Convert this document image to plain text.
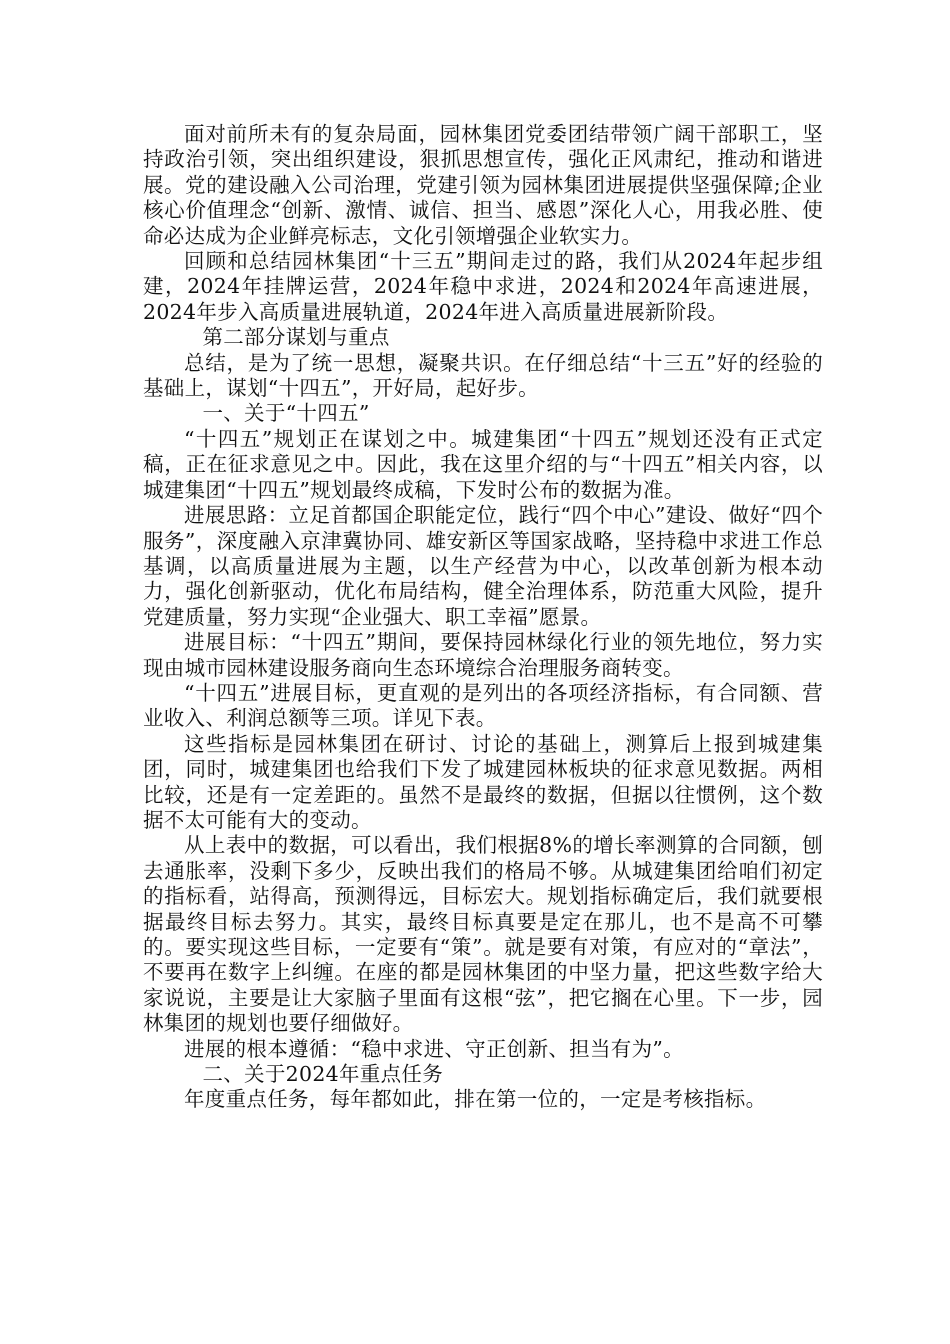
面对前所未有的复杂局面，园林集团党委团结带领广阔干部职工，坚持政治引领，突出组织建设，狠抓思想宣传，强化正风肃纪，推动和谐进展。党的建设融入公司治理，党建引领为园林集团进展提供坚强保障;企业核心价值理念“创新、激情、诚信、担当、感恩”深化人心，用我必胜、使命必达成为企业鲜亮标志，文化引领增强企业软实力。

回顾和总结园林集团“十三五”期间走过的路，我们从2024年起步组建，2024年挂牌运营，2024年稳中求进，2024和2024年高速进展，2024年步入高质量进展轨道，2024年进入高质量进展新阶段。

第二部分谋划与重点

总结，是为了统一思想，凝聚共识。在仔细总结“十三五”好的经验的基础上，谋划“十四五”，开好局，起好步。

一、关于“十四五”

“十四五”规划正在谋划之中。城建集团“十四五”规划还没有正式定稿，正在征求意见之中。因此，我在这里介绍的与“十四五”相关内容，以城建集团“十四五”规划最终成稿，下发时公布的数据为准。

进展思路：立足首都国企职能定位，践行“四个中心”建设、做好“四个服务”，深度融入京津冀协同、雄安新区等国家战略，坚持稳中求进工作总基调，以高质量进展为主题，以生产经营为中心，以改革创新为根本动力，强化创新驱动，优化布局结构，健全治理体系，防范重大风险，提升党建质量，努力实现“企业强大、职工幸福”愿景。

进展目标：“十四五”期间，要保持园林绿化行业的领先地位，努力实现由城市园林建设服务商向生态环境综合治理服务商转变。

“十四五”进展目标，更直观的是列出的各项经济指标，有合同额、营业收入、利润总额等三项。详见下表。

这些指标是园林集团在研讨、讨论的基础上，测算后上报到城建集团，同时，城建集团也给我们下发了城建园林板块的征求意见数据。两相比较，还是有一定差距的。虽然不是最终的数据，但据以往惯例，这个数据不太可能有大的变动。

从上表中的数据，可以看出，我们根据8%的增长率测算的合同额，刨去通胀率，没剩下多少，反映出我们的格局不够。从城建集团给咱们初定的指标看，站得高，预测得远，目标宏大。规划指标确定后，我们就要根据最终目标去努力。其实，最终目标真要是定在那儿，也不是高不可攀的。要实现这些目标，一定要有“策”。就是要有对策，有应对的“章法”，不要再在数字上纠缠。在座的都是园林集团的中坚力量，把这些数字给大家说说，主要是让大家脑子里面有这根“弦”，把它搁在心里。下一步，园林集团的规划也要仔细做好。

进展的根本遵循：“稳中求进、守正创新、担当有为”。

二、关于2024年重点任务

年度重点任务，每年都如此，排在第一位的，一定是考核指标。
